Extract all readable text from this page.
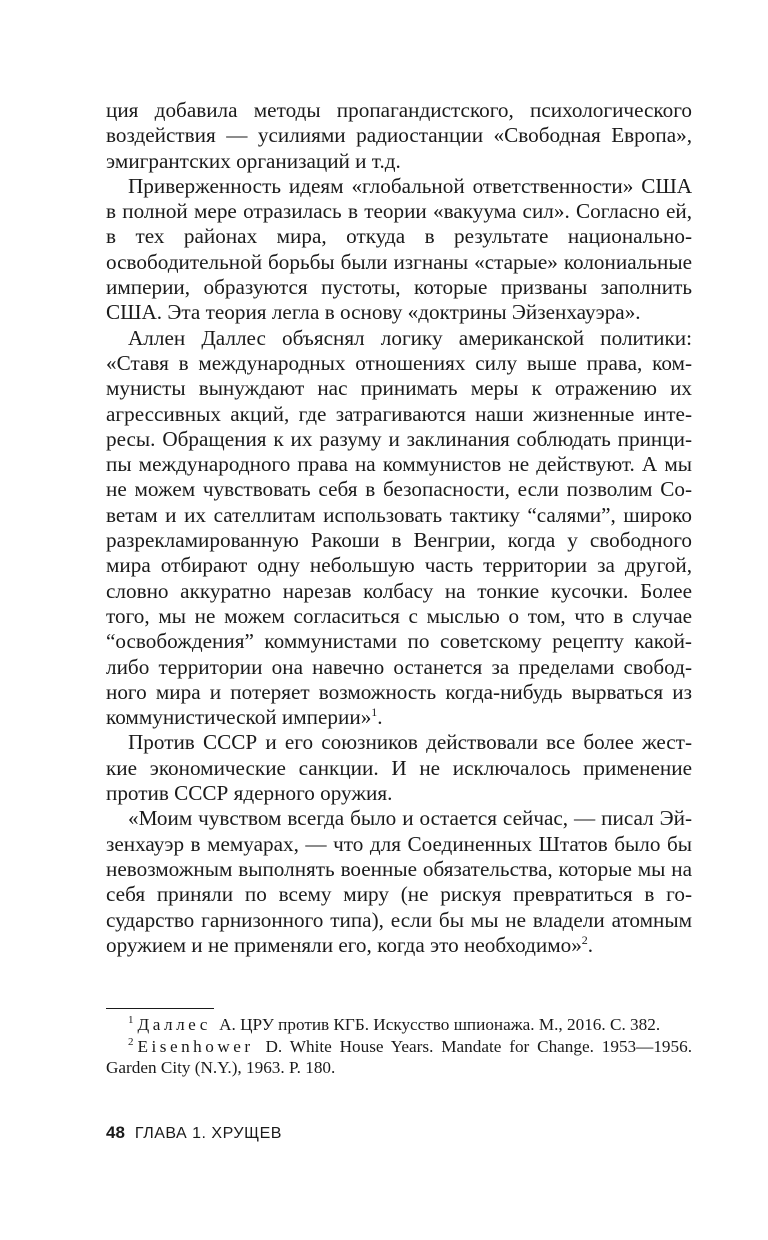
ция добавила методы пропагандистского, психологического воздействия — усилиями радиостанции «Свободная Европа», эмигрантских организаций и т.д.

Приверженность идеям «глобальной ответственности» США в полной мере отразилась в теории «вакуума сил». Согласно ей, в тех районах мира, откуда в результате национально-освободительной борьбы были изгнаны «старые» колониальные империи, образуются пустоты, которые призваны заполнить США. Эта теория легла в основу «доктрины Эйзенхауэра».

Аллен Даллес объяснял логику американской политики: «Ставя в международных отношениях силу выше права, коммунисты вынуждают нас принимать меры к отражению их агрессивных акций, где затрагиваются наши жизненные интересы. Обращения к их разуму и заклинания соблюдать принципы международного права на коммунистов не действуют. А мы не можем чувствовать себя в безопасности, если позволим Советам и их сателлитам использовать тактику “салями”, широко разрекламированную Ракоши в Венгрии, когда у свободного мира отбирают одну небольшую часть территории за другой, словно аккуратно нарезав колбасу на тонкие кусочки. Более того, мы не можем согласиться с мыслью о том, что в случае “освобождения” коммунистами по советскому рецепту какой-либо территории она навечно останется за пределами свободного мира и потеряет возможность когда-нибудь вырваться из коммунистической империи»$^1$.

Против СССР и его союзников действовали все более жесткие экономические санкции. И не исключалось применение против СССР ядерного оружия.

«Моим чувством всегда было и остается сейчас, — писал Эйзенхауэр в мемуарах, — что для Соединенных Штатов было бы невозможным выполнять военные обязательства, которые мы на себя приняли по всему миру (не рискуя превратиться в государство гарнизонного типа), если бы мы не владели атомным оружием и не применяли его, когда это необходимо»$^2$.

$^1$ Даллес А. ЦРУ против КГБ. Искусство шпионажа. М., 2016. С. 382.

$^2$ Eisenhower D. White House Years. Mandate for Change. 1953—1956. Garden City (N.Y.), 1963. P. 180.

48 ГЛАВА 1. ХРУЩЕВ
